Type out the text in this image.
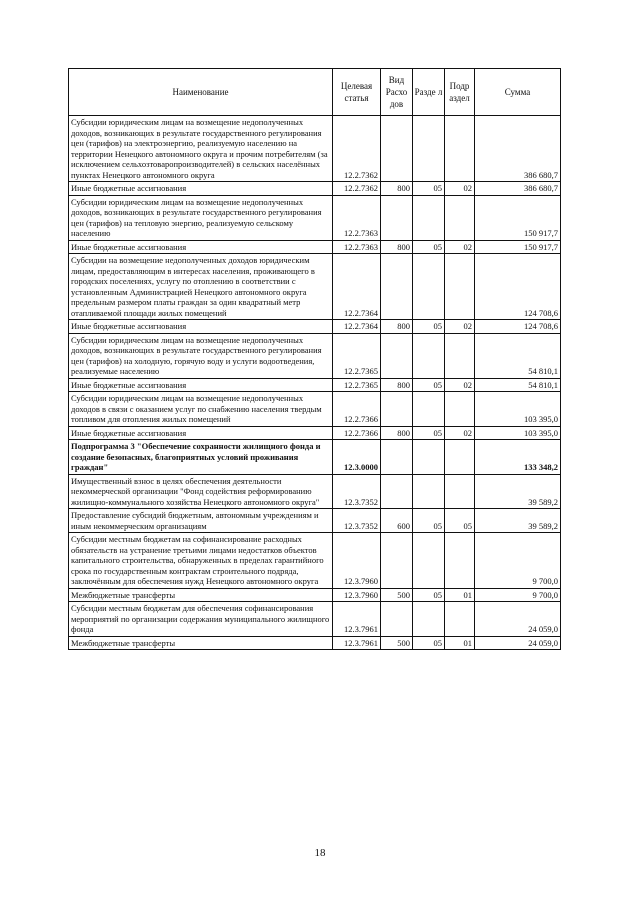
Наименование	Целевая статья	Вид Расхо дов	Разде л	Подр аздел	Сумма
Субсидии юридическим лицам на возмещение недополученных доходов, возникающих в результате государственного регулирования цен (тарифов) на электроэнергию, реализуемую населению на территории Ненецкого автономного округа и прочим потребителям (за исключением сельхозтоваропроизводителей) в сельских населённых пунктах Ненецкого автономного округа	12.2.7362				386 680,7
Иные бюджетные ассигнования	12.2.7362	800	05	02	386 680,7
Субсидии юридическим лицам на возмещение недополученных доходов, возникающих в результате государственного регулирования цен (тарифов) на тепловую энергию, реализуемую сельскому населению	12.2.7363				150 917,7
Иные бюджетные ассигнования	12.2.7363	800	05	02	150 917,7
Субсидии на возмещение недополученных доходов юридическим лицам, предоставляющим в интересах населения, проживающего в городских поселениях, услугу по отоплению в соответствии с установленным Администрацией Ненецкого автономного округа предельным размером платы граждан за один квадратный метр отапливаемой площади жилых помещений	12.2.7364				124 708,6
Иные бюджетные ассигнования	12.2.7364	800	05	02	124 708,6
Субсидии юридическим лицам на возмещение недополученных доходов, возникающих в результате государственного регулирования цен (тарифов) на холодную, горячую воду и услуги водоотведения, реализуемые населению	12.2.7365				54 810,1
Иные бюджетные ассигнования	12.2.7365	800	05	02	54 810,1
Субсидии юридическим лицам на возмещение недополученных доходов в связи с оказанием услуг по снабжению населения твердым топливом для отопления жилых помещений	12.2.7366				103 395,0
Иные бюджетные ассигнования	12.2.7366	800	05	02	103 395,0
Подпрограмма 3 "Обеспечение сохранности жилищного фонда и создание безопасных, благоприятных условий проживания граждан"	12.3.0000				133 348,2
Имущественный взнос в целях обеспечения деятельности некоммерческой организации "Фонд содействия реформированию жилищно-коммунального хозяйства Ненецкого автономного округа"	12.3.7352				39 589,2
Предоставление субсидий бюджетным, автономным учреждениям и иным некоммерческим организациям	12.3.7352	600	05	05	39 589,2
Субсидии местным бюджетам на софинансирование расходных обязательств на устранение третьими лицами недостатков объектов капитального строительства, обнаруженных в пределах гарантийного срока по государственным контрактам строительного подряда, заключённым для обеспечения нужд Ненецкого автономного округа	12.3.7960				9 700,0
Межбюджетные трансферты	12.3.7960	500	05	01	9 700,0
Субсидии местным бюджетам для обеспечения софинансирования мероприятий по организации содержания муниципального жилищного фонда	12.3.7961				24 059,0
Межбюджетные трансферты	12.3.7961	500	05	01	24 059,0
18
